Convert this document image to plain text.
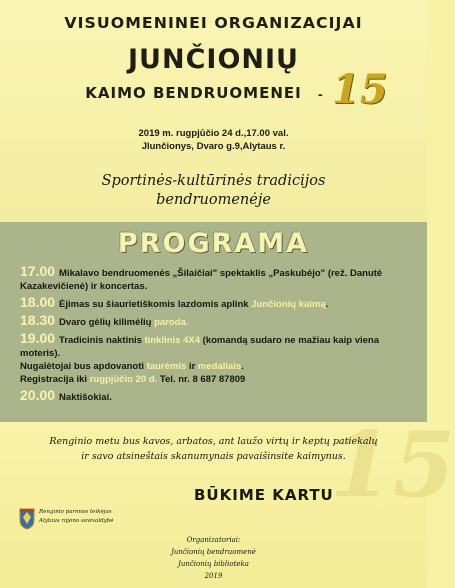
VISUOMENINEI ORGANIZACIJAI
JUNČIONIŲ
KAIMO BENDRUOMENEI	- 15
2019 m. rugpjūčio 24 d.,17.00 val.
Jlunčionys, Dvaro g.9,Alytaus r.
Sportinės-kultūrinės tradicijos
bendruomenėje
PROGRAMA
17.00 Mikalavo bendruomenės „Šilaičiai" spektaklis „Paskubėjo" (rež. Danutė Kazakevičienė) ir koncertas.
18.00 Ėjimas su šiaurietiškomis lazdomis aplink Junčionių kaimą.
18.30 Dvaro gėlių kilimėlių paroda.
19.00 Tradicinis naktinis tinklinis 4X4 (komandą sudaro ne mažiau kaip viena moteris).
Nugalėtojai bus apdovanoti taurėmis ir medaliais.
Registracija iki rugpjūčio 20 d. Tel. nr. 8 687 87809
20.00 Naktišokiai.
15
Renginio metu bus kavos, arbatos, ant laužo virtų ir keptų patiekalų
ir savo atsineštais skanumynais pavaišinsite kaimynus.
BŪKIME KARTU
Renginio parnnos teikėjas
Alytaus rajono savivaldybė
Organizatoriai:
Junčionių bendruomenė
Junčionių biblioteka
2019
